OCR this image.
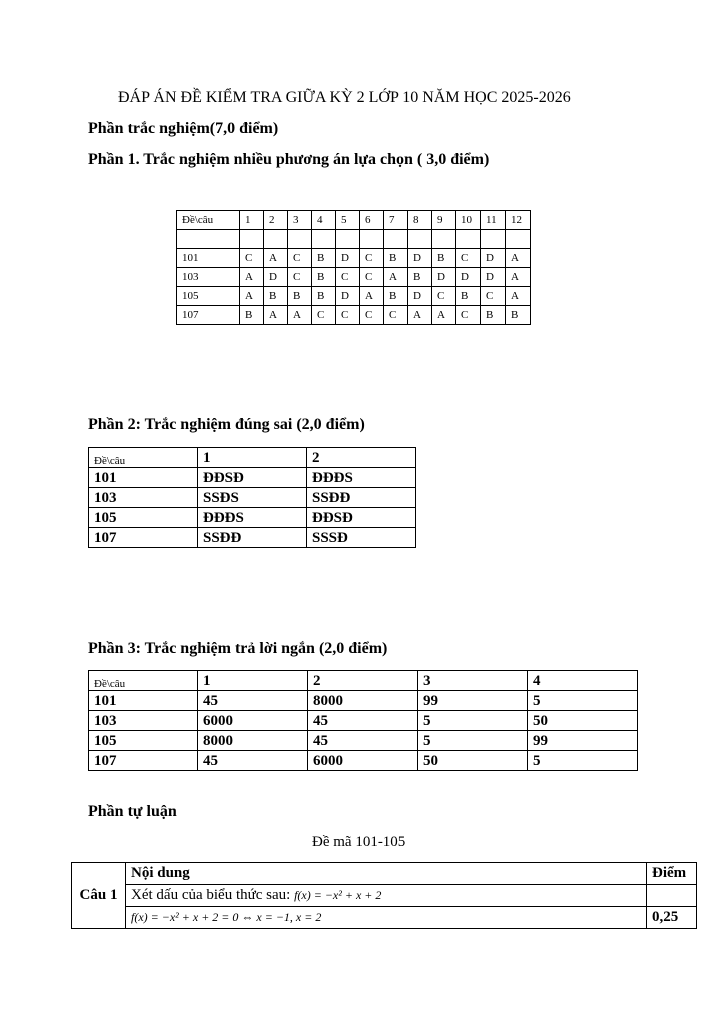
ĐÁP ÁN ĐỀ KIỂM TRA GIỮA KỲ 2 LỚP 10 NĂM HỌC 2025-2026
Phần trắc nghiệm(7,0 điểm)
Phần 1. Trắc nghiệm nhiều phương án lựa chọn ( 3,0 điểm)
Đề\câu	1	2	3	4	5	6	7	8	9	10	11	12

101	C	A	C	B	D	C	B	D	B	C	D	A
103	A	D	C	B	C	C	A	B	D	D	D	A
105	A	B	B	B	D	A	B	D	C	B	C	A
107	B	A	A	C	C	C	C	A	A	C	B	B
Phần 2: Trắc nghiệm đúng sai (2,0 điểm)
Đề\câu	1	2
101	ĐĐSĐ	ĐĐĐS
103	SSĐS	SSĐĐ
105	ĐĐĐS	ĐĐSĐ
107	SSĐĐ	SSSĐ
Phần 3: Trắc nghiệm trả lời ngắn (2,0 điểm)
Đề\câu	1	2	3	4
101	45	8000	99	5
103	6000	45	5	50
105	8000	45	5	99
107	45	6000	50	5
Phần tự luận
Đề mã 101-105
Câu 1	Nội dung	Điểm
	Xét dấu của biểu thức sau: f(x) = −x² + x + 2	
	f(x) = −x² + x + 2 = 0 ⇔ x = −1, x = 2	0,25
